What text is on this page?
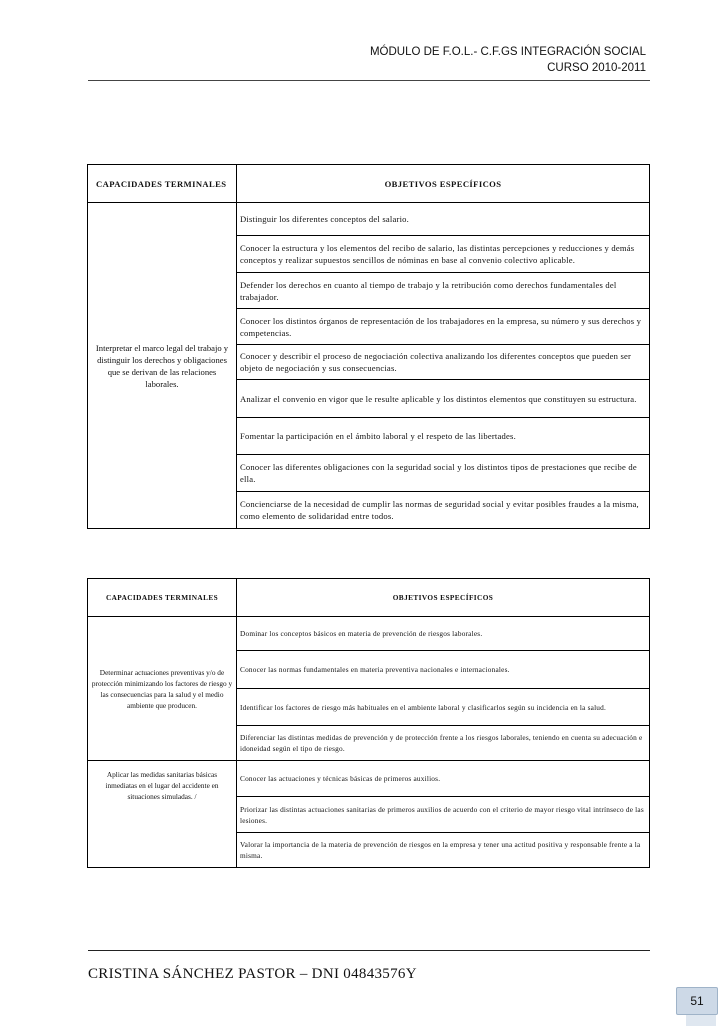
MÓDULO DE F.O.L.- C.F.GS INTEGRACIÓN SOCIAL
CURSO 2010-2011
CAPACIDADES TERMINALES	OBJETIVOS ESPECÍFICOS
Interpretar el marco legal del trabajo y distinguir los derechos y obligaciones que se derivan de las relaciones laborales.	Distinguir los diferentes conceptos del salario.
	Conocer la estructura y los elementos del recibo de salario, las distintas percepciones y reducciones y demás conceptos y realizar supuestos sencillos de nóminas en base al convenio colectivo aplicable.
	Defender los derechos en cuanto al tiempo de trabajo y la retribución como derechos fundamentales del trabajador.
	Conocer los distintos órganos de representación de los trabajadores en la empresa, su número y sus derechos y competencias.
	Conocer y describir el proceso de negociación colectiva analizando los diferentes conceptos que pueden ser objeto de negociación y sus consecuencias.
	Analizar el convenio en vigor que le resulte aplicable y los distintos elementos que constituyen su estructura.
	Fomentar la participación en el ámbito laboral y el respeto de las libertades.
	Conocer las diferentes obligaciones con la seguridad social y los distintos tipos de prestaciones que recibe de ella.
	Concienciarse de la necesidad de cumplir las normas de seguridad social y evitar posibles fraudes a la misma, como elemento de solidaridad entre todos.
CAPACIDADES TERMINALES	OBJETIVOS ESPECÍFICOS
Determinar actuaciones preventivas y/o de protección minimizando los factores de riesgo y las consecuencias para la salud y el medio ambiente que producen.	Dominar los conceptos básicos en materia de prevención de riesgos laborales.
	Conocer las normas fundamentales en materia preventiva nacionales e internacionales.
	Identificar los factores de riesgo más habituales en el ambiente laboral y clasificarlos según su incidencia en la salud.
	Diferenciar las distintas medidas de prevención y de protección frente a los riesgos laborales, teniendo en cuenta su adecuación e idoneidad según el tipo de riesgo.
Aplicar las medidas sanitarias básicas inmediatas en el lugar del accidente en situaciones simuladas. /	Conocer las actuaciones y técnicas básicas de primeros auxilios.
	Priorizar las distintas actuaciones sanitarias de primeros auxilios de acuerdo con el criterio de mayor riesgo vital intrínseco de las lesiones.
	Valorar la importancia de la materia de prevención de riesgos en la empresa y tener una actitud positiva y responsable frente a la misma.
CRISTINA SÁNCHEZ PASTOR – DNI 04843576Y
51
